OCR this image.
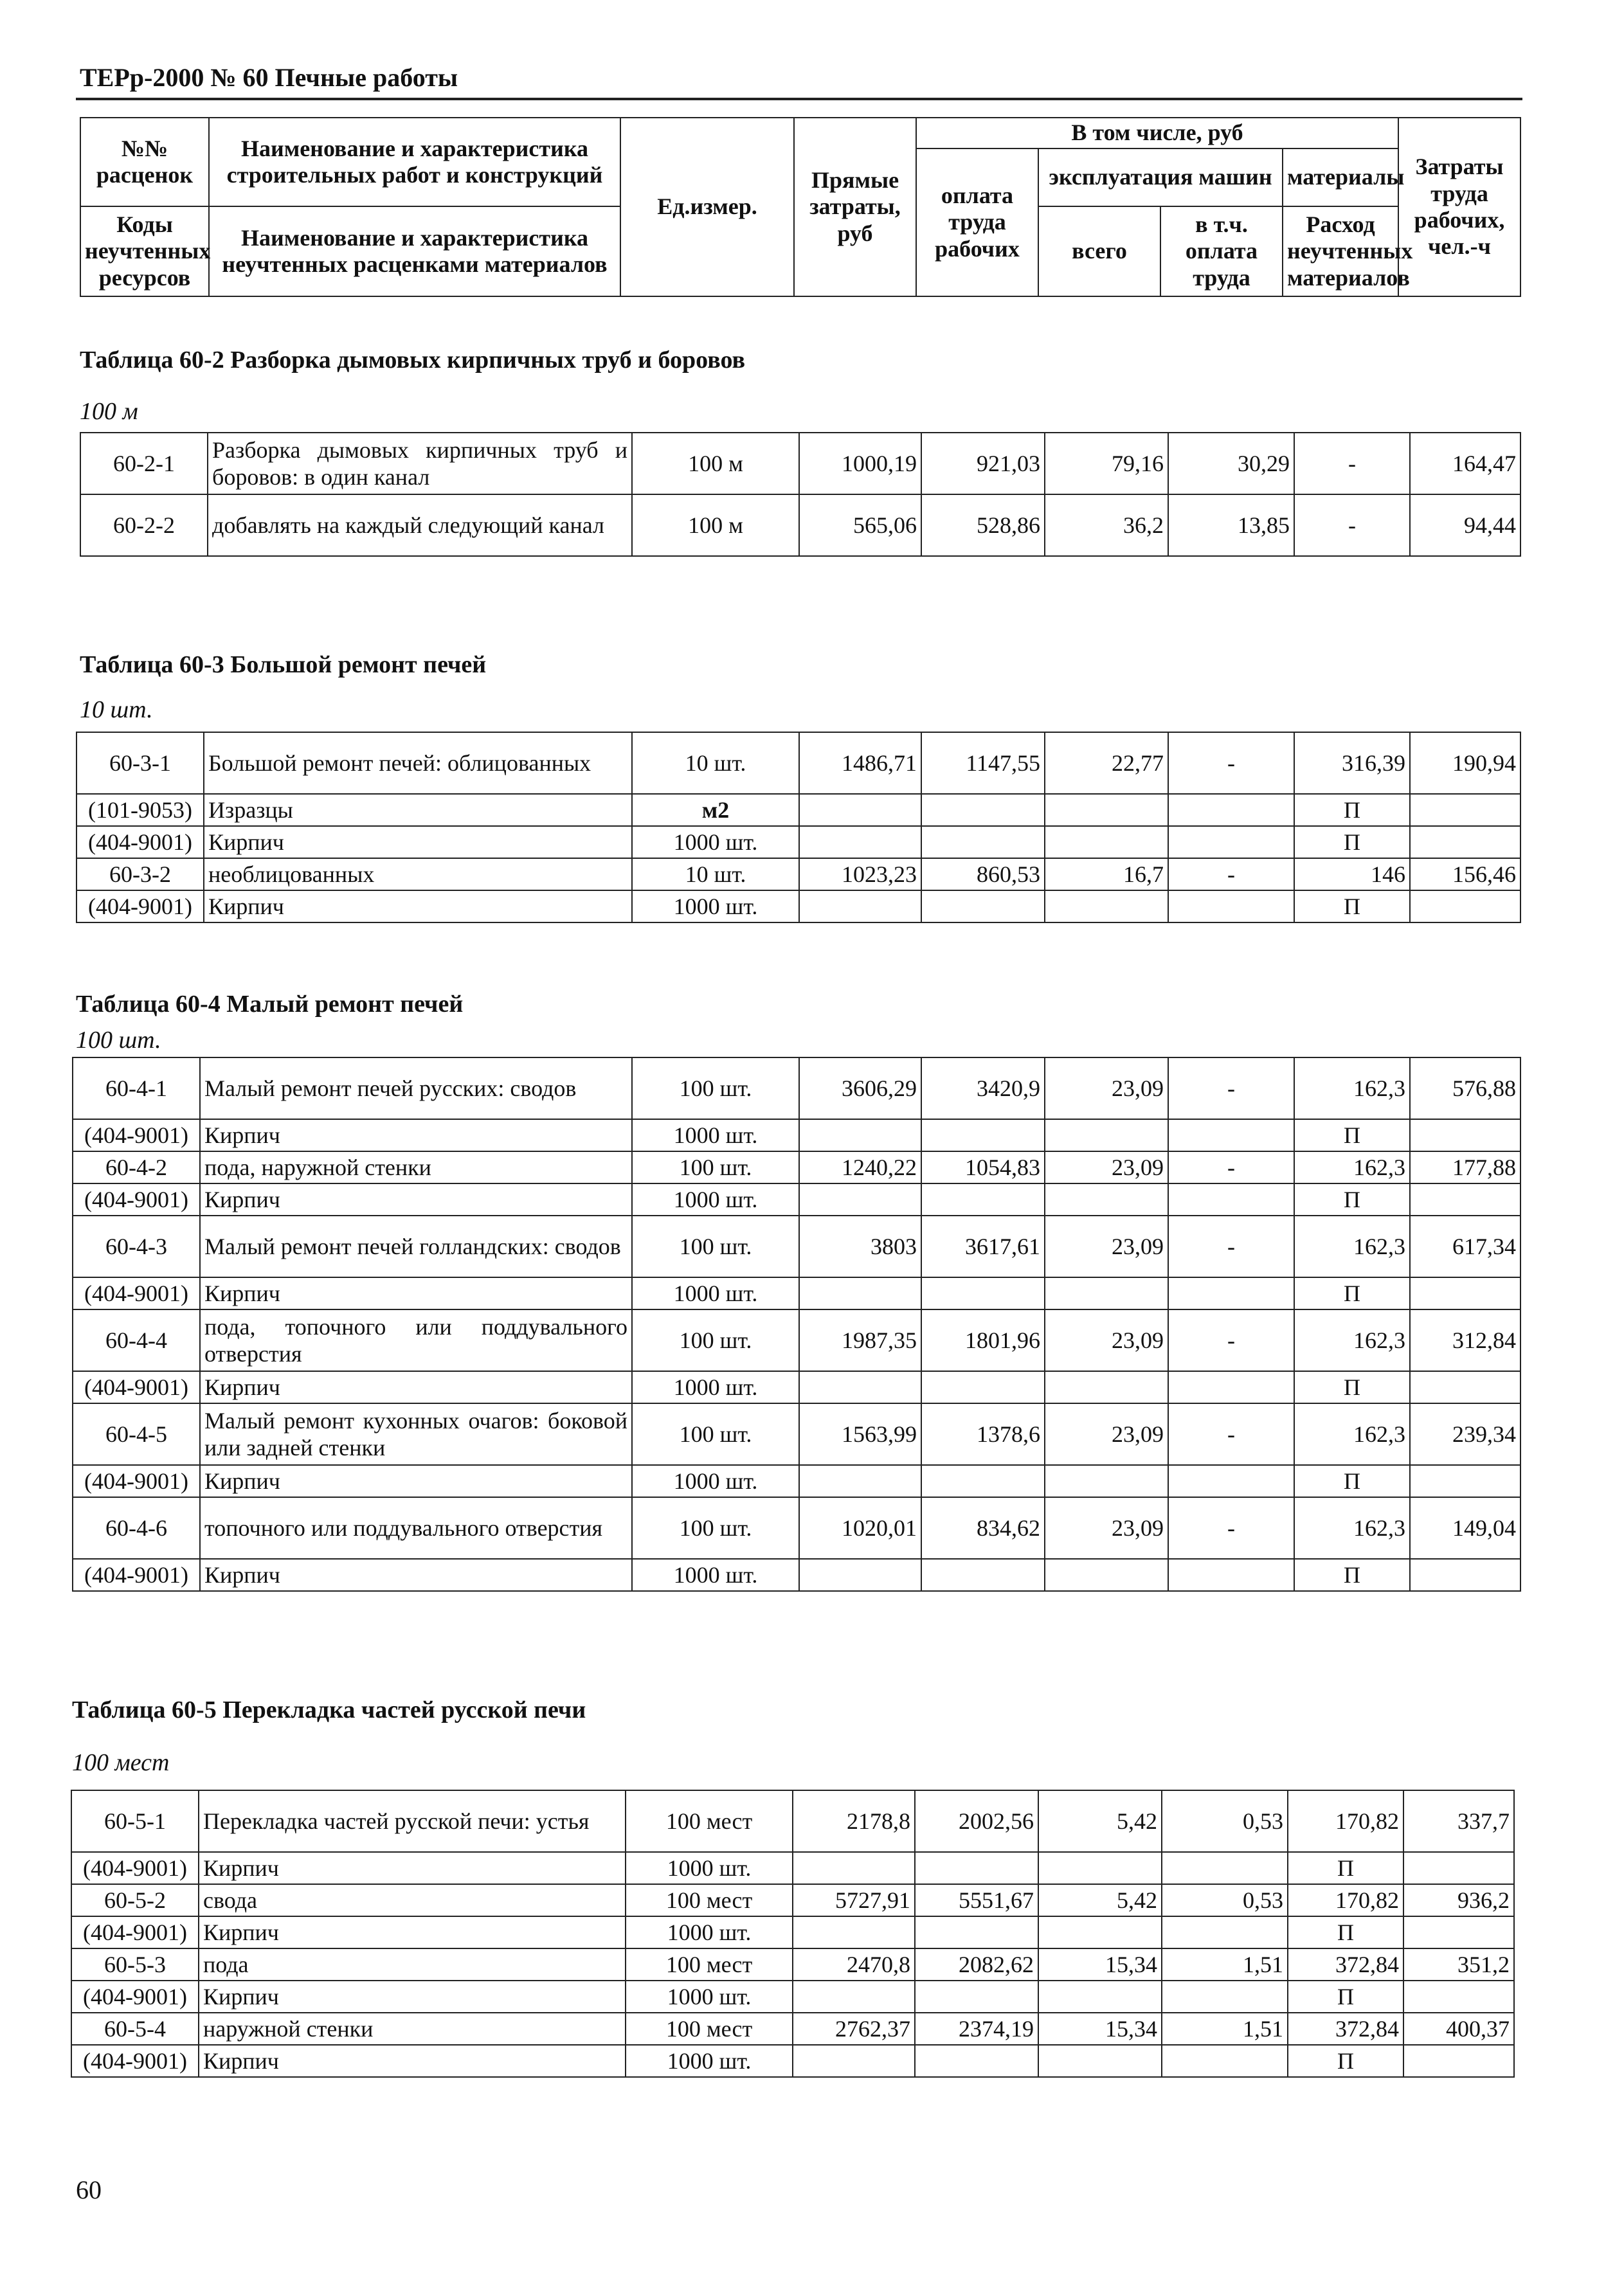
ТЕРр-2000 № 60 Печные работы
№№ расценок	Наименование и характеристика строительных работ и конструкций	Ед.измер.	Прямые затраты, руб	В том числе, руб				Затраты труда рабочих, чел.-ч
				оплата труда рабочих	эксплуатация машин		материалы	
					всего	в т.ч. оплата труда	Расход неучтенных материалов	
Коды неучтенных ресурсов	Наименование и характеристика неучтенных расценками материалов							

Таблица 60-2 Разборка дымовых кирпичных труб и боровов
100 м
60-2-1	Разборка дымовых кирпичных труб и боровов: в один канал	100 м	1000,19	921,03	79,16	30,29	-	164,47
60-2-2	добавлять на каждый следующий канал	100 м	565,06	528,86	36,2	13,85	-	94,44
Таблица 60-3 Большой ремонт печей
10 шт.
60-3-1	Большой ремонт печей: облицованных	10 шт.	1486,71	1147,55	22,77	-	316,39	190,94
(101-9053)	Изразцы	м2					П	
(404-9001)	Кирпич	1000 шт.					П	
60-3-2	необлицованных	10 шт.	1023,23	860,53	16,7	-	146	156,46
(404-9001)	Кирпич	1000 шт.					П	
Таблица 60-4 Малый ремонт печей
100 шт.
60-4-1	Малый ремонт печей русских: сводов	100 шт.	3606,29	3420,9	23,09	-	162,3	576,88
(404-9001)	Кирпич	1000 шт.					П	
60-4-2	пода, наружной стенки	100 шт.	1240,22	1054,83	23,09	-	162,3	177,88
(404-9001)	Кирпич	1000 шт.					П	
60-4-3	Малый ремонт печей голландских: сводов	100 шт.	3803	3617,61	23,09	-	162,3	617,34
(404-9001)	Кирпич	1000 шт.					П	
60-4-4	пода, топочного или поддувального отверстия	100 шт.	1987,35	1801,96	23,09	-	162,3	312,84
(404-9001)	Кирпич	1000 шт.					П	
60-4-5	Малый ремонт кухонных очагов: боковой или задней стенки	100 шт.	1563,99	1378,6	23,09	-	162,3	239,34
(404-9001)	Кирпич	1000 шт.					П	
60-4-6	топочного или поддувального отверстия	100 шт.	1020,01	834,62	23,09	-	162,3	149,04
(404-9001)	Кирпич	1000 шт.					П	
Таблица 60-5 Перекладка частей русской печи
100 мест
60-5-1	Перекладка частей русской печи: устья	100 мест	2178,8	2002,56	5,42	0,53	170,82	337,7
(404-9001)	Кирпич	1000 шт.					П	
60-5-2	свода	100 мест	5727,91	5551,67	5,42	0,53	170,82	936,2
(404-9001)	Кирпич	1000 шт.					П	
60-5-3	пода	100 мест	2470,8	2082,62	15,34	1,51	372,84	351,2
(404-9001)	Кирпич	1000 шт.					П	
60-5-4	наружной стенки	100 мест	2762,37	2374,19	15,34	1,51	372,84	400,37
(404-9001)	Кирпич	1000 шт.					П	
60
